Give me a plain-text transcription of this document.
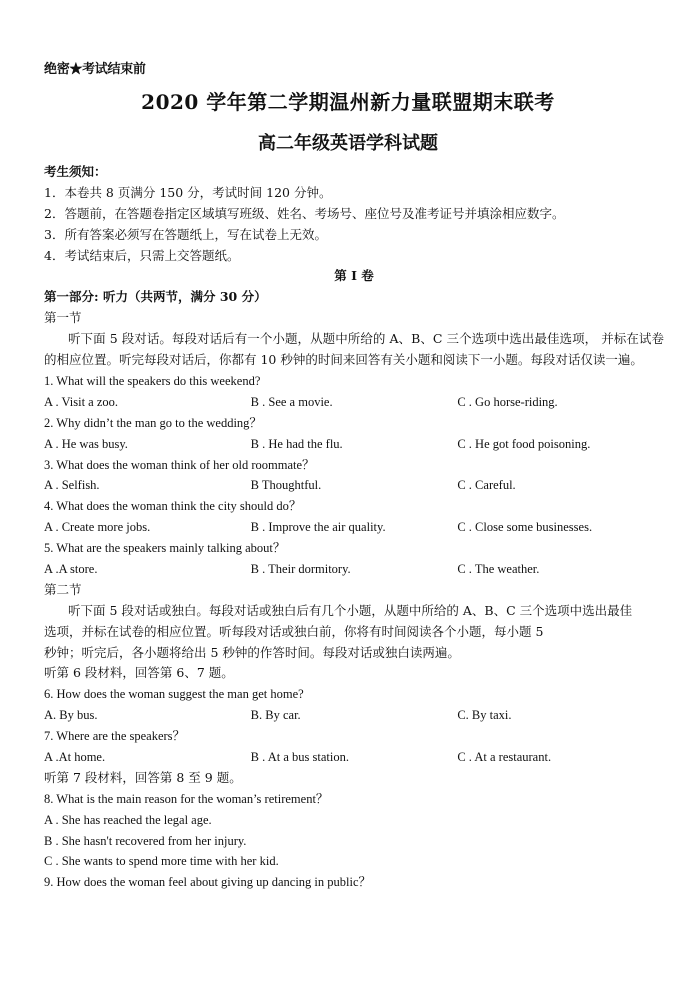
绝密★考试结束前
2020 学年第二学期温州新力量联盟期末联考
高二年级英语学科试题
考生须知：
1．本卷共 8 页满分 150 分，考试时间 120 分钟。
2．答题前，在答题卷指定区域填写班级、姓名、考场号、座位号及准考证号并填涂相应数字。
3．所有答案必须写在答题纸上，写在试卷上无效。
4．考试结束后，只需上交答题纸。
第 I 卷
第一部分: 听力（共两节，满分 30 分）
第一节
听下面 5 段对话。每段对话后有一个小题，从题中所给的 A、B、C 三个选项中选出最佳选项， 并标在试卷的相应位置。听完每段对话后，你都有 10 秒钟的时间来回答有关小题和阅读下一小题。每段对话仅读一遍。
1. What will the speakers do this weekend?
A . Visit a zoo.	B . See a movie.	C . Go horse-riding.
2. Why didn’t the man go to the wedding？
A . He was busy.	B . He had the flu.	C . He got food poisoning.
3. What does the woman think of her old roommate？
A . Selfish.	B Thoughtful.	C . Careful.
4. What does the woman think the city should do？
A . Create more jobs.	B . Improve the air quality.	C . Close some businesses.
5. What are the speakers mainly talking about？
A .A store.	B . Their dormitory.	C . The weather.
第二节
听下面 5 段对话或独白。每段对话或独白后有几个小题，从题中所给的 A、B、C 三个选项中选出最佳
选项，并标在试卷的相应位置。听每段对话或独白前，你将有时间阅读各个小题，每小题 5
秒钟；听完后，各小题将给出 5 秒钟的作答时间。每段对话或独白读两遍。
听第 6 段材料，回答第 6、7 题。
6. How does the woman suggest the man get home?
A. By bus.	B. By car.	C. By taxi.
7. Where are the speakers？
A .At home.	B . At a bus station.	C . At a restaurant.
听第 7 段材料，回答第 8 至 9 题。
8. What is the main reason for the woman’s retirement？
A . She has reached the legal age.
B . She hasn't recovered from her injury.
C . She wants to spend more time with her kid.
9. How does the woman feel about giving up dancing in public？
